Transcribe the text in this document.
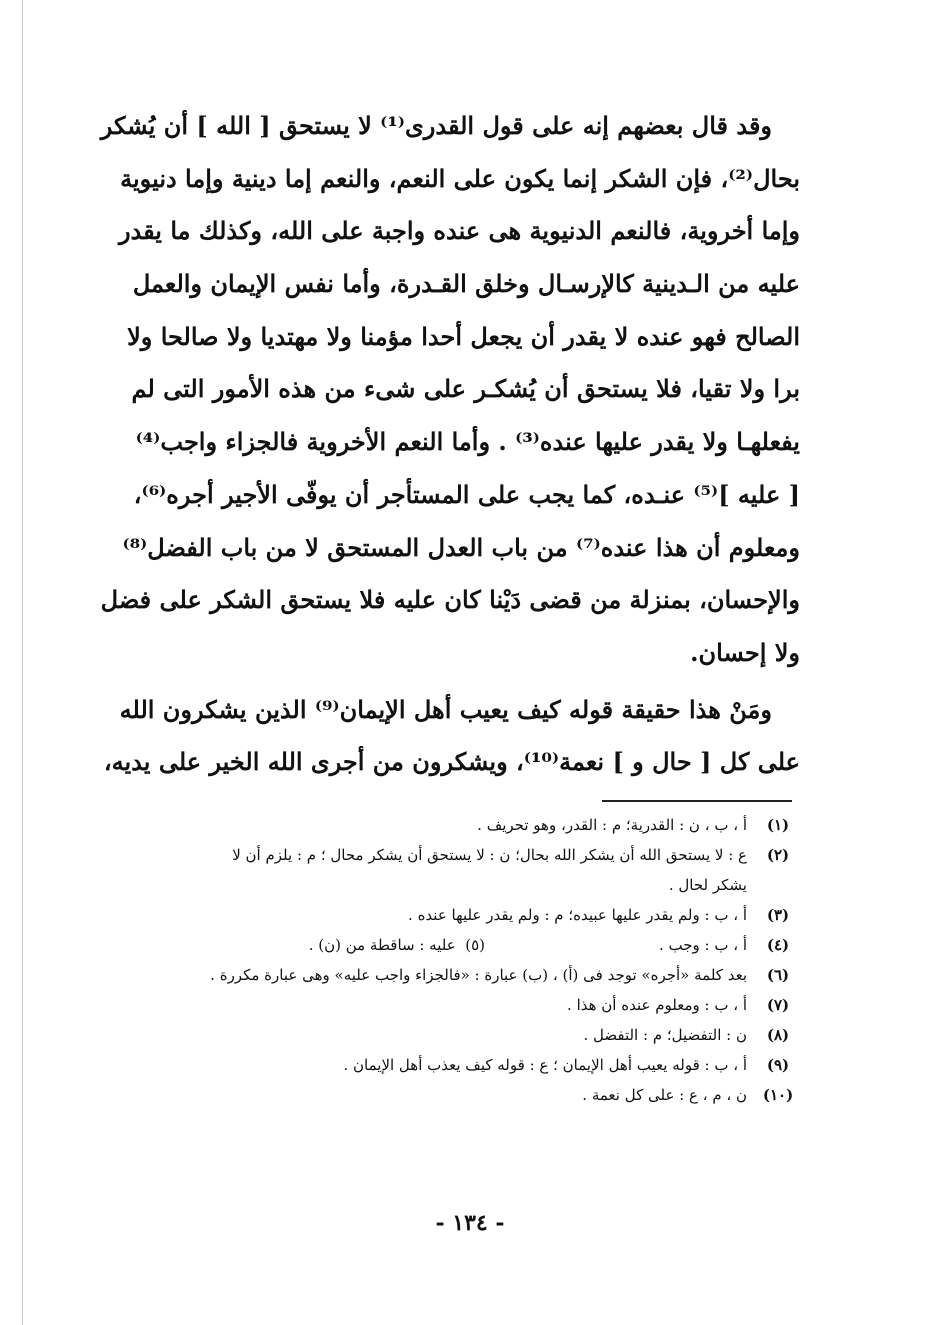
وقد قال بعضهم إنه على قول القدرى⁽¹⁾ لا يستحق [ الله ] أن يُشكر
بحال⁽²⁾، فإن الشكر إنما يكون على النعم، والنعم إما دينية وإما دنيوية
وإما أخروية، فالنعم الدنيوية هى عنده واجبة على الله، وكذلك ما يقدر
عليه من الـدينية كالإرسـال وخلق القـدرة، وأما نفس الإيمان والعمل
الصالح فهو عنده لا يقدر أن يجعل أحدا مؤمنا ولا مهتديا ولا صالحا ولا
برا ولا تقيا، فلا يستحق أن يُشكـر على شىء من هذه الأمور التى لم
يفعلهـا ولا يقدر عليها عنده⁽³⁾ . وأما النعم الأخروية فالجزاء واجب⁽⁴⁾
[ عليه ]⁽⁵⁾ عنـده، كما يجب على المستأجر أن يوفّى الأجير أجره⁽⁶⁾،
ومعلوم أن هذا عنده⁽⁷⁾ من باب العدل المستحق لا من باب الفضل⁽⁸⁾
والإحسان، بمنزلة من قضى دَيْنا كان عليه فلا يستحق الشكر على فضل
ولا إحسان.
ومَنْ هذا حقيقة قوله كيف يعيب أهل الإيمان⁽⁹⁾ الذين يشكرون الله
على كل [ حال و ] نعمة⁽¹⁰⁾، ويشكرون من أجرى الله الخير على يديه،
(١)
أ ، ب ، ن : القدرية؛ م : القدر، وهو تحريف .
(٢)
ع : لا يستحق الله أن يشكر الله بحال؛ ن : لا يستحق أن يشكر محال ؛ م : يلزم أن لا
يشكر لحال .
(٣)
أ ، ب : ولم يقدر عليها عبيده؛ م : ولم يقدر عليها عنده .
(٤)
أ ، ب : وجب .
(٥)  عليه : ساقطة من (ن) .
(٦)
بعد كلمة «أجره» توجد فى (أ) ، (ب) عبارة : «فالجزاء واجب عليه» وهى عبارة مكررة .
(٧)
أ ، ب : ومعلوم عنده أن هذا .
(٨)
ن : التفضيل؛ م : التفضل .
(٩)
أ ، ب : قوله يعيب أهل الإيمان ؛ ع : قوله كيف يعذب أهل الإيمان .
(١٠)
ن ، م ، ع : على كل نعمة .
- ١٣٤ -
